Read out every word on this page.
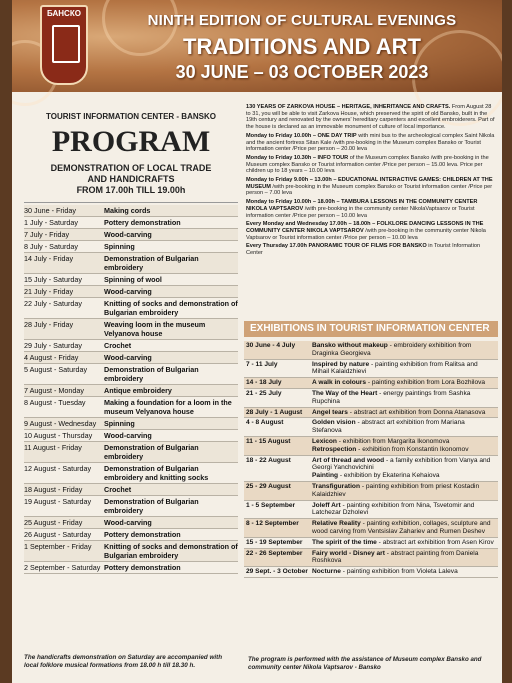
БАНСКО	NINTH EDITION OF CULTURAL EVENINGS
TRADITIONS AND ART
30 JUNE – 03 OCTOBER 2023
TOURIST INFORMATION CENTER - BANSKO
PROGRAM
DEMONSTRATION OF LOCAL TRADE
AND HANDICRAFTS
FROM 17.00h TILL 19.00h
30 June - Friday	Making cords
1 July - Saturday	Pottery demonstration
7 July - Friday	Wood-carving
8 July - Saturday	Spinning
14 July - Friday	Demonstration of Bulgarian embroidery
15 July - Saturday	Spinning of wool
21 July - Friday	Wood-carving
22 July - Saturday	Knitting of socks and demonstration of Bulgarian embroidery
28 July - Friday	Weaving loom in the museum Velyanova house
29 July - Saturday	Crochet
4 August - Friday	Wood-carving
5 August - Saturday	Demonstration of Bulgarian embroidery
7 August - Monday	Antique embroidery
8 August - Tuesday	Making a foundation for a loom in the museum Velyanova house
9 August - Wednesday	Spinning
10 August - Thursday	Wood-carving
11 August - Friday	Demonstration of Bulgarian embroidery
12 August - Saturday	Demonstration of Bulgarian embroidery and knitting socks
18 August - Friday	Crochet
19 August - Saturday	Demonstration of Bulgarian embroidery
25 August - Friday	Wood-carving
26 August - Saturday	Pottery demonstration
1 September - Friday	Knitting of socks and demonstration of Bulgarian embroidery
2 September - Saturday	Pottery demonstration
The handicrafts demonstration on Saturday are accompanied with local folklore musical formations from 18.00 h till 18.30 h.

130 YEARS OF ZARKOVA HOUSE – HERITAGE, INHERITANCE AND CRAFTS. From August 28 to 31, you will be able to visit Zarkova House, which preserved the spirit of old Bansko, built in the 19th century and renovated by the owners' hereditary carpenters and excellent embroiderers. Part of the house is declared as an immovable monument of culture of local importance.

Monday to Friday 10.00h – ONE DAY TRIP with mini bus to the archeological complex Saint Nikola and the ancient fortress Sitan Kale /with pre-booking in the Museum complex Bansko or Tourist information center /Price per person – 20.00 leva

Monday to Friday 10.30h – INFO TOUR of the Museum complex Bansko /with pre-booking in the Museum complex Bansko or Tourist information center /Price per person – 15.00 leva. Price per children up to 18 years – 10.00 leva

Monday to Friday 9.00h – 13.00h – EDUCATIONAL INTERACTIVE GAMES: CHILDREN AT THE MUSEUM /with pre-booking in the Museum complex Bansko or Tourist information center /Price per person – 7.00 leva

Monday to Friday 10.00h – 18.00h – TAMBURA LESSONS IN THE COMMUNITY CENTER NIKOLA VAPTSAROV /with pre-booking in the community center NikolaVaptsarov or Tourist information center /Price per person – 10.00 leva

Every Monday and Wednesday 17.00h – 18.00h – FOLKLORE DANCING LESSONS IN THE COMMUNITY CENTER NIKOLA VAPTSAROV /with pre-booking in the community center Nikola Vaptsarov or Tourist information center /Price per person – 10.00 leva

Every Thursday 17.00h PANORAMIC TOUR OF FILMS FOR BANSKO in Tourist Information Center

EXHIBITIONS IN TOURIST INFORMATION CENTER
30 June - 4 July	Bansko without makeup - embroidery exhibition from Draginka Georgieva

7 - 11 July	Inspired by nature - painting exhibition from Ralitsa and Mihail Kalaidzhievi

14 - 18 July	A walk in colours - painting exhibition from Lora Bozhilova

21 - 25 July	The Way of the Heart - energy paintings from Sashka Rupchina

28 July - 1 August	Angel tears - abstract art exhibition from Donna Atanasova

4 - 8 August	Golden vision - abstract art exhibition from Mariana Stefanova

11 - 15 August	Lexicon - exhibition from Margarita Ikonomova
Retrospection - exhibition from Konstantin Ikonomov

18 - 22 August	Art of thread and wood - a family exhibition from Vanya and Georgi Yanchovichini
Painting - exhibition by Ekaterina Kehaiova

25 - 29 August	Transfiguration - painting exhibition from priest Kostadin Kalaidzhiev

1 - 5 September	Joleff Art - painting exhibition from Nina, Tsvetomir and Latchezar Dzholevi

8 - 12 September	Relative Reality - painting exhibition, collages, sculpture and wood carving from Ventsislav Zahariev and Rumen Deshev

15 - 19 September	The spirit of the time - abstract art exhibition from Asen Kirov

22 - 26 September	Fairy world - Disney art - abstract painting from Daniela Roshkova

29 Sept. - 3 October	Nocturne - painting exhibition from Violeta Laleva
The program is performed with the assistance of Museum complex Bansko and community center Nikola Vaptsarov - Bansko
